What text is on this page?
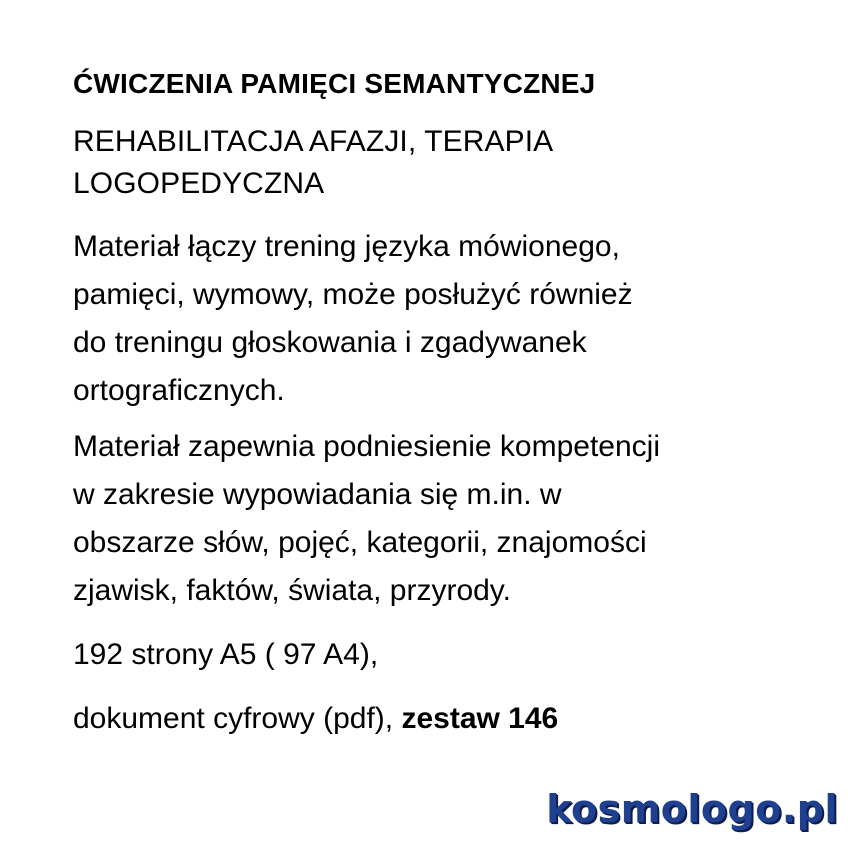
ĆWICZENIA PAMIĘCI SEMANTYCZNEJ
REHABILITACJA AFAZJI, TERAPIA
LOGOPEDYCZNA
Materiał łączy trening języka mówionego,
pamięci, wymowy, może posłużyć również
do treningu głoskowania i zgadywanek
ortograficznych.
Materiał zapewnia podniesienie kompetencji
w zakresie wypowiadania się m.in. w
obszarze słów, pojęć, kategorii, znajomości
zjawisk, faktów, świata, przyrody.
192 strony A5 ( 97 A4),
dokument cyfrowy (pdf), zestaw 146
kosmologo.pl
